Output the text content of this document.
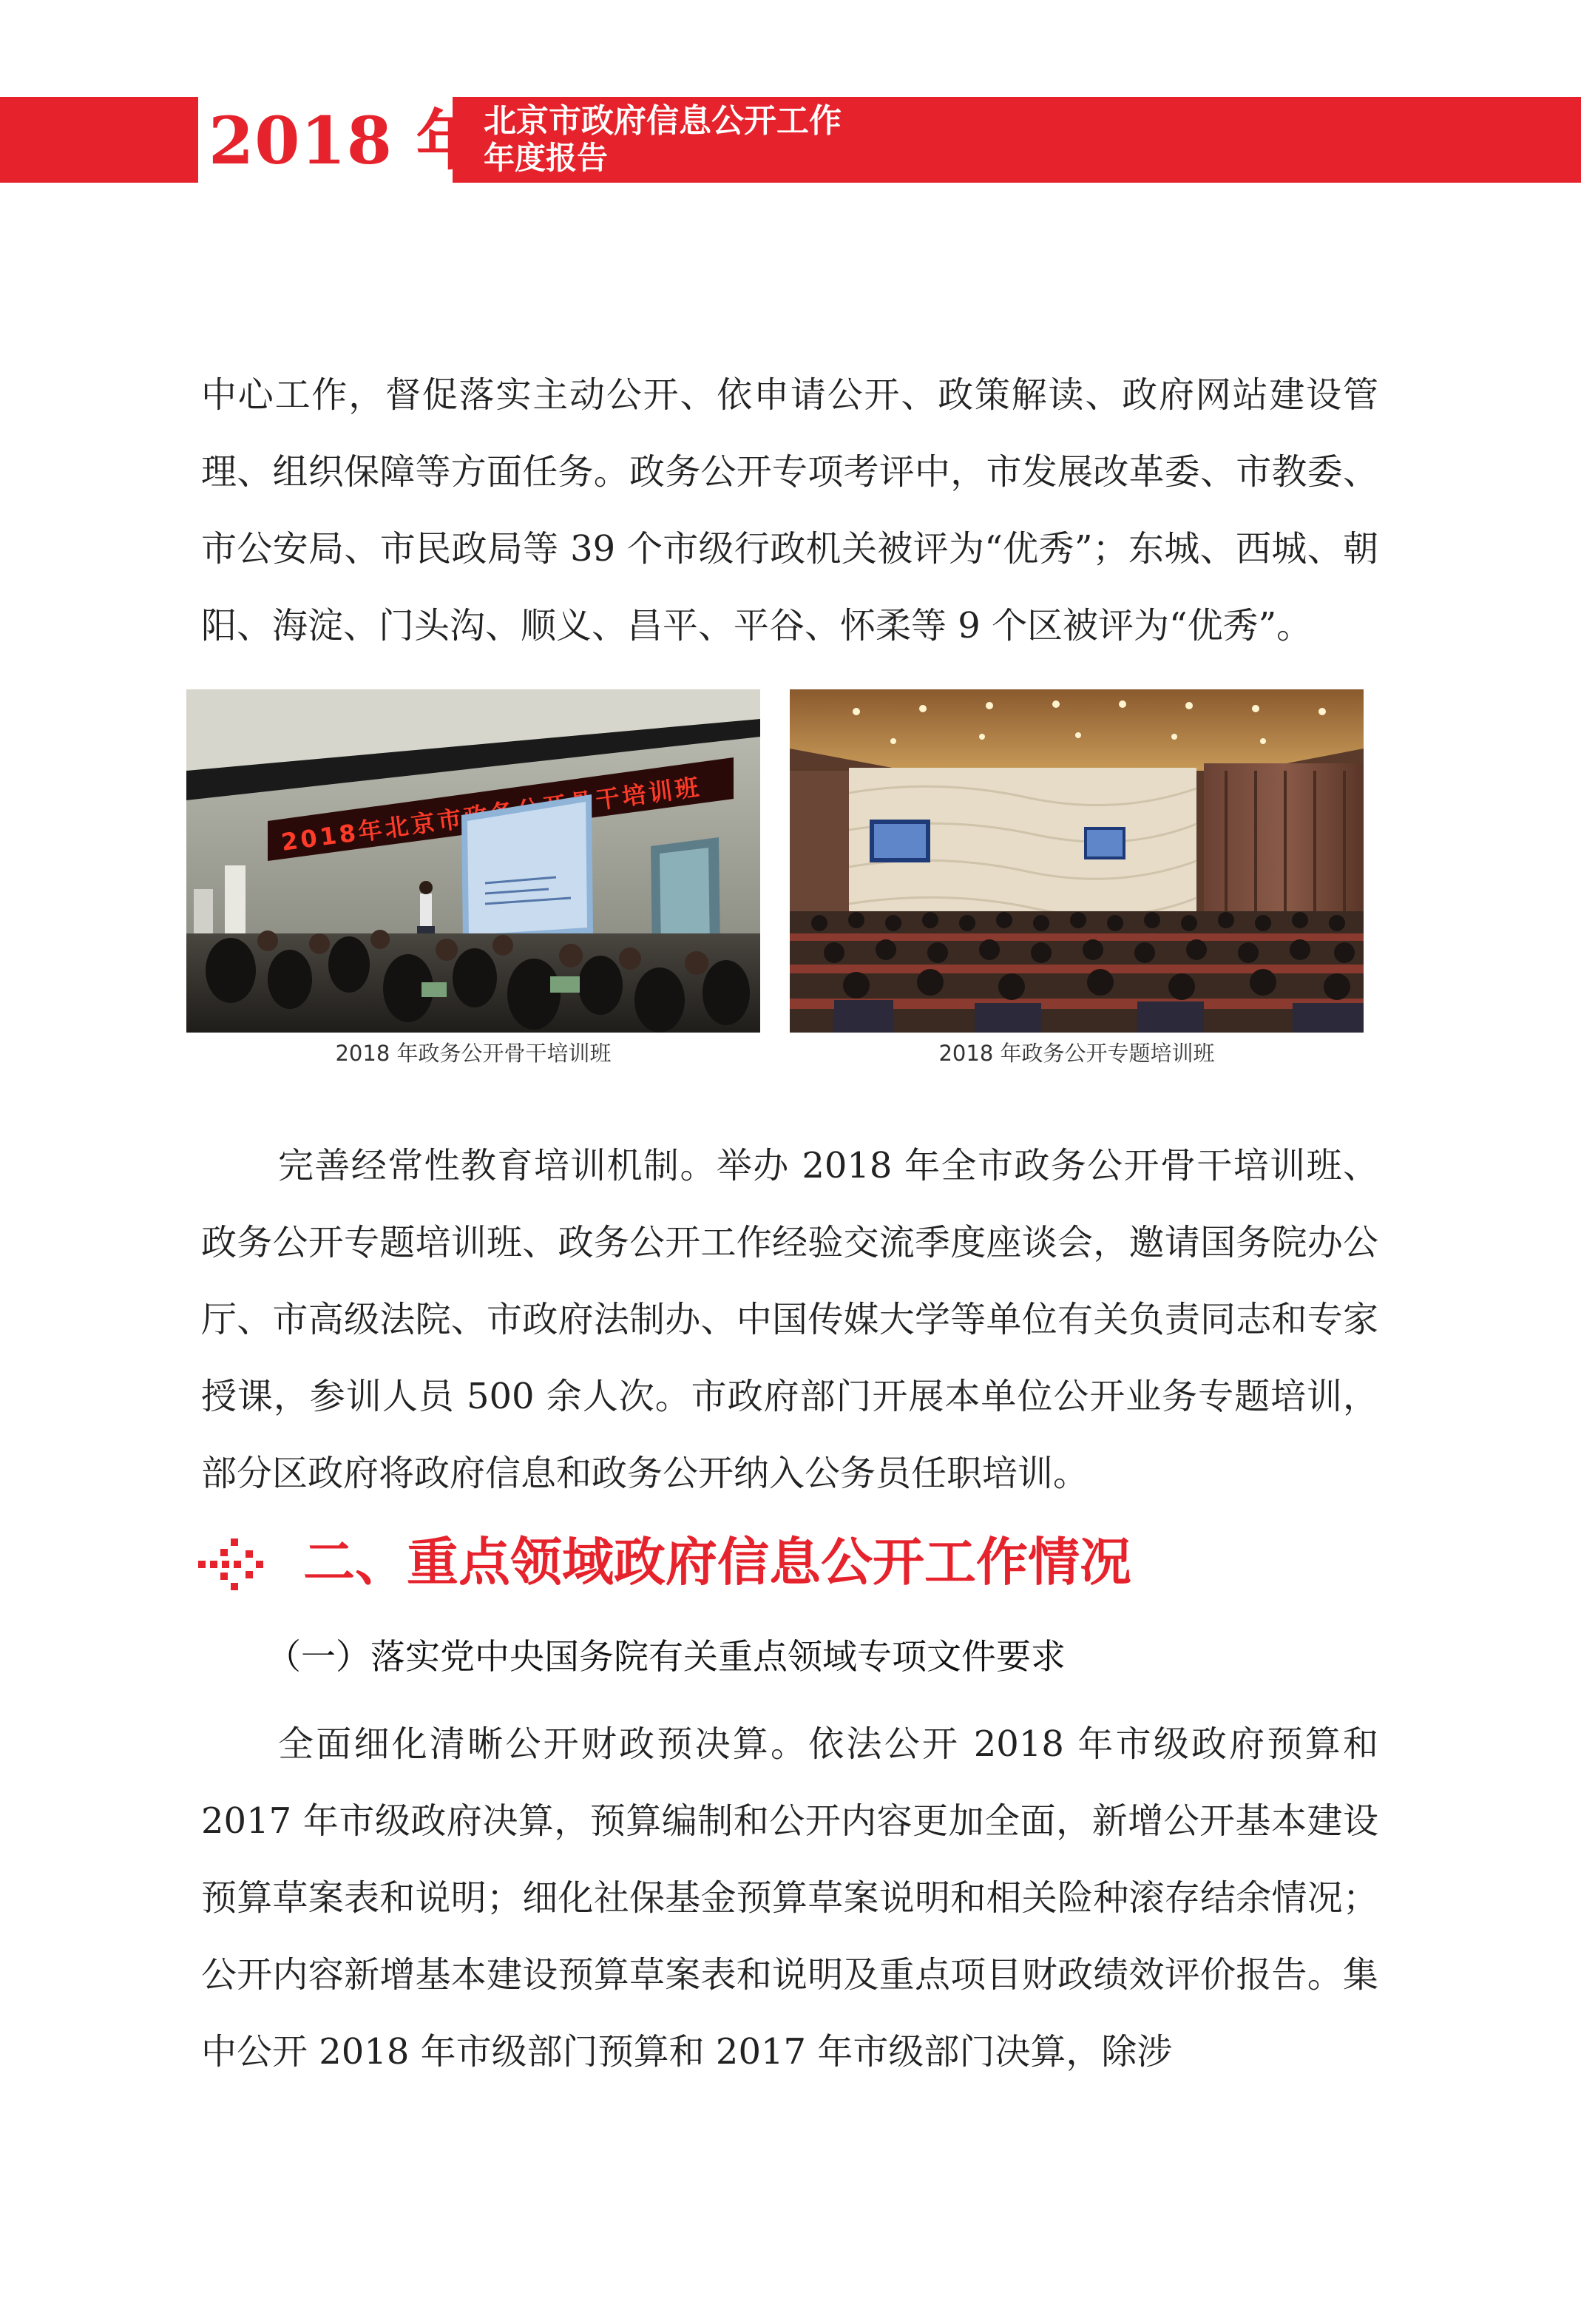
2018 年 北京市政府信息公开工作
年度报告

中心工作，督促落实主动公开、依申请公开、政策解读、政府网站建设管理、组织保障等方面任务。政务公开专项考评中，市发展改革委、市教委、市公安局、市民政局等 39 个市级行政机关被评为“优秀”；东城、西城、朝阳、海淀、门头沟、顺义、昌平、平谷、怀柔等 9 个区被评为“优秀”。

2018 年政务公开骨干培训班	2018 年政务公开专题培训班

完善经常性教育培训机制。举办 2018 年全市政务公开骨干培训班、政务公开专题培训班、政务公开工作经验交流季度座谈会，邀请国务院办公厅、市高级法院、市政府法制办、中国传媒大学等单位有关负责同志和专家授课，参训人员 500 余人次。市政府部门开展本单位公开业务专题培训，部分区政府将政府信息和政务公开纳入公务员任职培训。

二、重点领域政府信息公开工作情况
（一）落实党中央国务院有关重点领域专项文件要求

全面细化清晰公开财政预决算。依法公开 2018 年市级政府预算和 2017 年市级政府决算，预算编制和公开内容更加全面，新增公开基本建设预算草案表和说明；细化社保基金预算草案说明和相关险种滚存结余情况；公开内容新增基本建设预算草案表和说明及重点项目财政绩效评价报告。集中公开 2018 年市级部门预算和 2017 年市级部门决算，除涉
